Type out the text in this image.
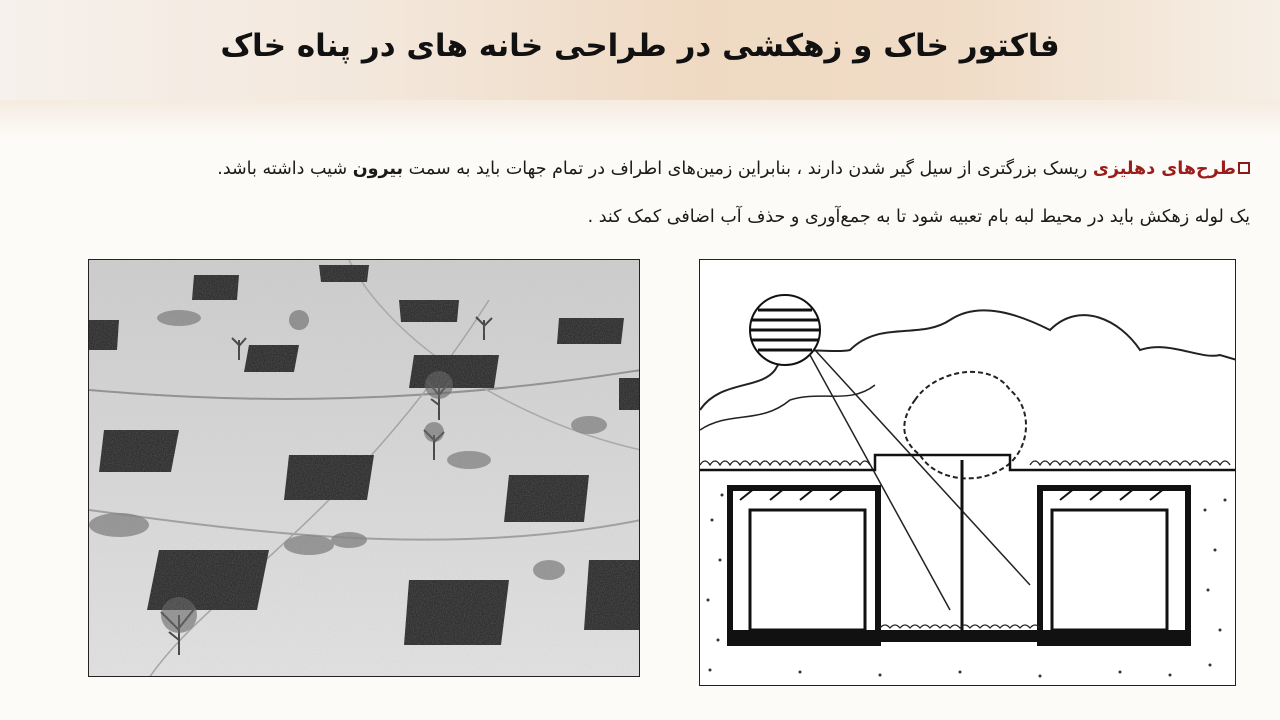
فاکتور خاک و زهکشی در طراحی خانه های در پناه خاک
طرح‌های دهلیزی ریسک بزرگتری از سیل گیر شدن دارند ، بنابراین زمین‌های اطراف در تمام جهات باید به سمت بیرون شیب داشته باشد.
یک لوله زهکش باید در محیط لبه بام تعبیه شود تا به جمع‌آوری و حذف آب اضافی کمک کند .
